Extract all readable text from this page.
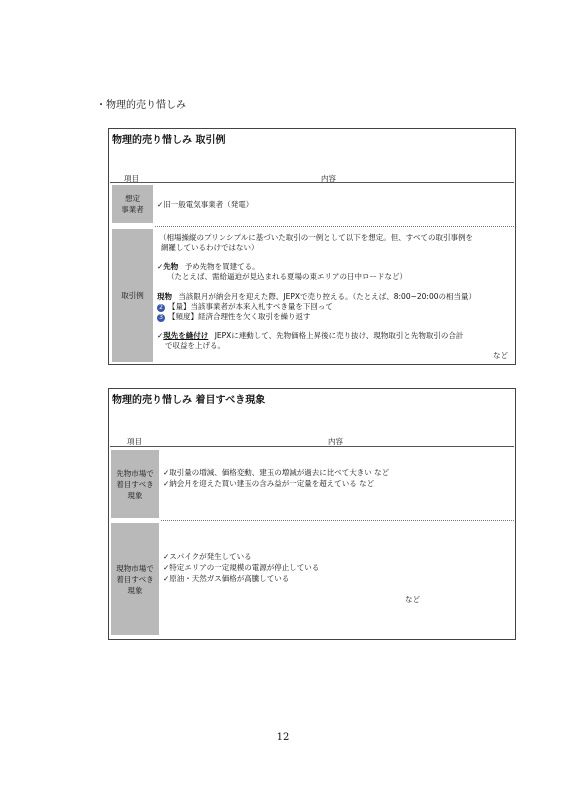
・物理的売り惜しみ
物理的売り惜しみ 取引例
項目	内容
想定
事業者
✓旧一般電気事業者（発電）
取引例
（相場操縦のプリンシプルに基づいた取引の一例として以下を想定。但、すべての取引事例を
網羅しているわけではない）
✓先物 予め先物を買建てる。
（たとえば、需給逼迫が見込まれる夏場の東エリアの日中ロードなど）
現物 当該限月が納会月を迎えた際、JEPXで売り控える。（たとえば、8:00~20:00の相当量）
2 【量】当該事業者が本来入札すべき量を下回って
3 【頻度】経済合理性を欠く取引を繰り返す
✓現先を縫付け JEPXに連動して、先物価格上昇後に売り抜け、現物取引と先物取引の合計
で収益を上げる。
など
物理的売り惜しみ 着目すべき現象
項目	内容
先物市場で
着目すべき
現象
✓取引量の増減、価格変動、建玉の増減が過去に比べて大きい など
✓納会月を迎えた買い建玉の含み益が一定量を超えている など
現物市場で
着目すべき
現象
✓スパイクが発生している
✓特定エリアの一定規模の電源が停止している
✓原油・天然ガス価格が高騰している
など
12
